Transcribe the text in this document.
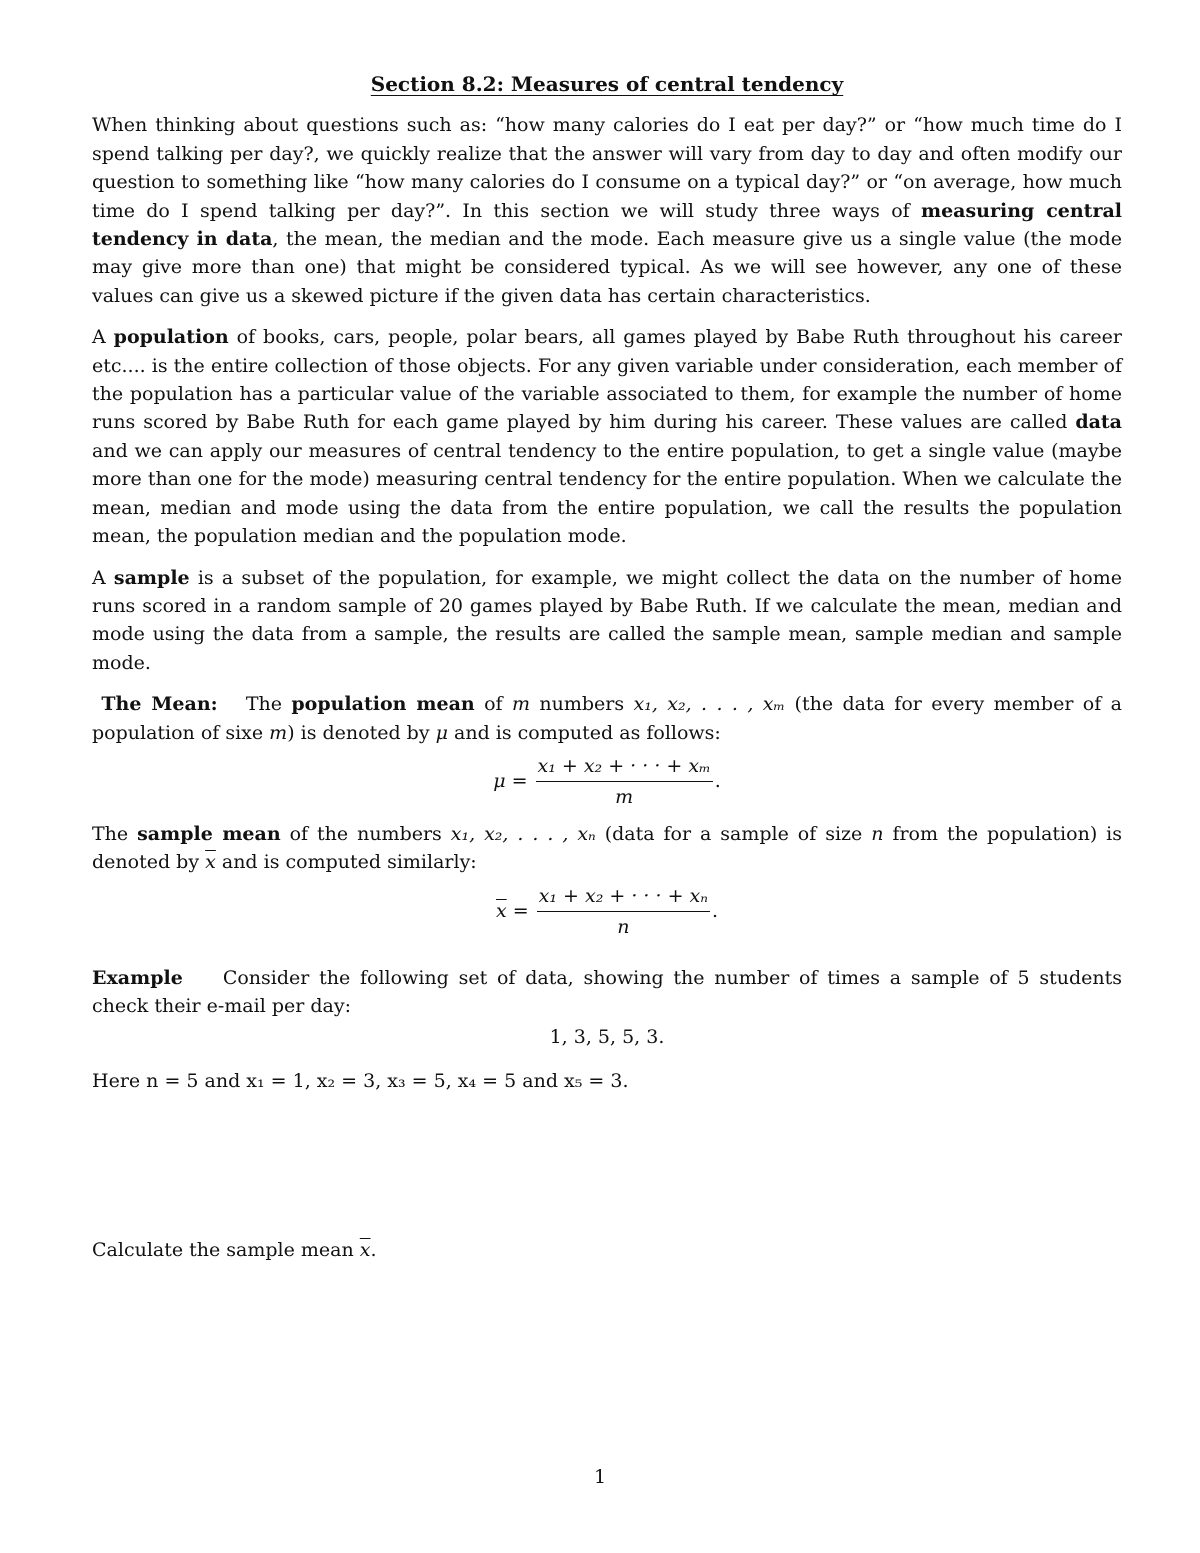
Section 8.2: Measures of central tendency

When thinking about questions such as: “how many calories do I eat per day?” or “how much time do I spend talking per day?, we quickly realize that the answer will vary from day to day and often modify our question to something like “how many calories do I consume on a typical day?” or “on average, how much time do I spend talking per day?”. In this section we will study three ways of measuring central tendency in data, the mean, the median and the mode. Each measure give us a single value (the mode may give more than one) that might be considered typical. As we will see however, any one of these values can give us a skewed picture if the given data has certain characteristics.

A population of books, cars, people, polar bears, all games played by Babe Ruth throughout his career etc.... is the entire collection of those objects. For any given variable under consideration, each member of the population has a particular value of the variable associated to them, for example the number of home runs scored by Babe Ruth for each game played by him during his career. These values are called data and we can apply our measures of central tendency to the entire population, to get a single value (maybe more than one for the mode) measuring central tendency for the entire population. When we calculate the mean, median and mode using the data from the entire population, we call the results the population mean, the population median and the population mode.

A sample is a subset of the population, for example, we might collect the data on the number of home runs scored in a random sample of 20 games played by Babe Ruth. If we calculate the mean, median and mode using the data from a sample, the results are called the sample mean, sample median and sample mode.

The Mean: The population mean of m numbers x₁, x₂, . . . , xₘ (the data for every member of a population of sixe m) is denoted by μ and is computed as follows:

$\mu = \frac{\text{x₁ + x₂ + · · · + xₘ}}{m}$ .

The sample mean of the numbers x₁, x₂, . . . , xₙ (data for a sample of size n from the population) is denoted by $\overline{x}$ and is computed similarly:

$\overline{x} = \frac{\text{x₁ + x₂ + · · · + xₙ}}{n}$ .

Example Consider the following set of data, showing the number of times a sample of 5 students check their e-mail per day:

1, 3, 5, 5, 3.

Here n = 5 and x₁ = 1, x₂ = 3, x₃ = 5, x₄ = 5 and x₅ = 3.

Calculate the sample mean $\overline{x}$.

1
